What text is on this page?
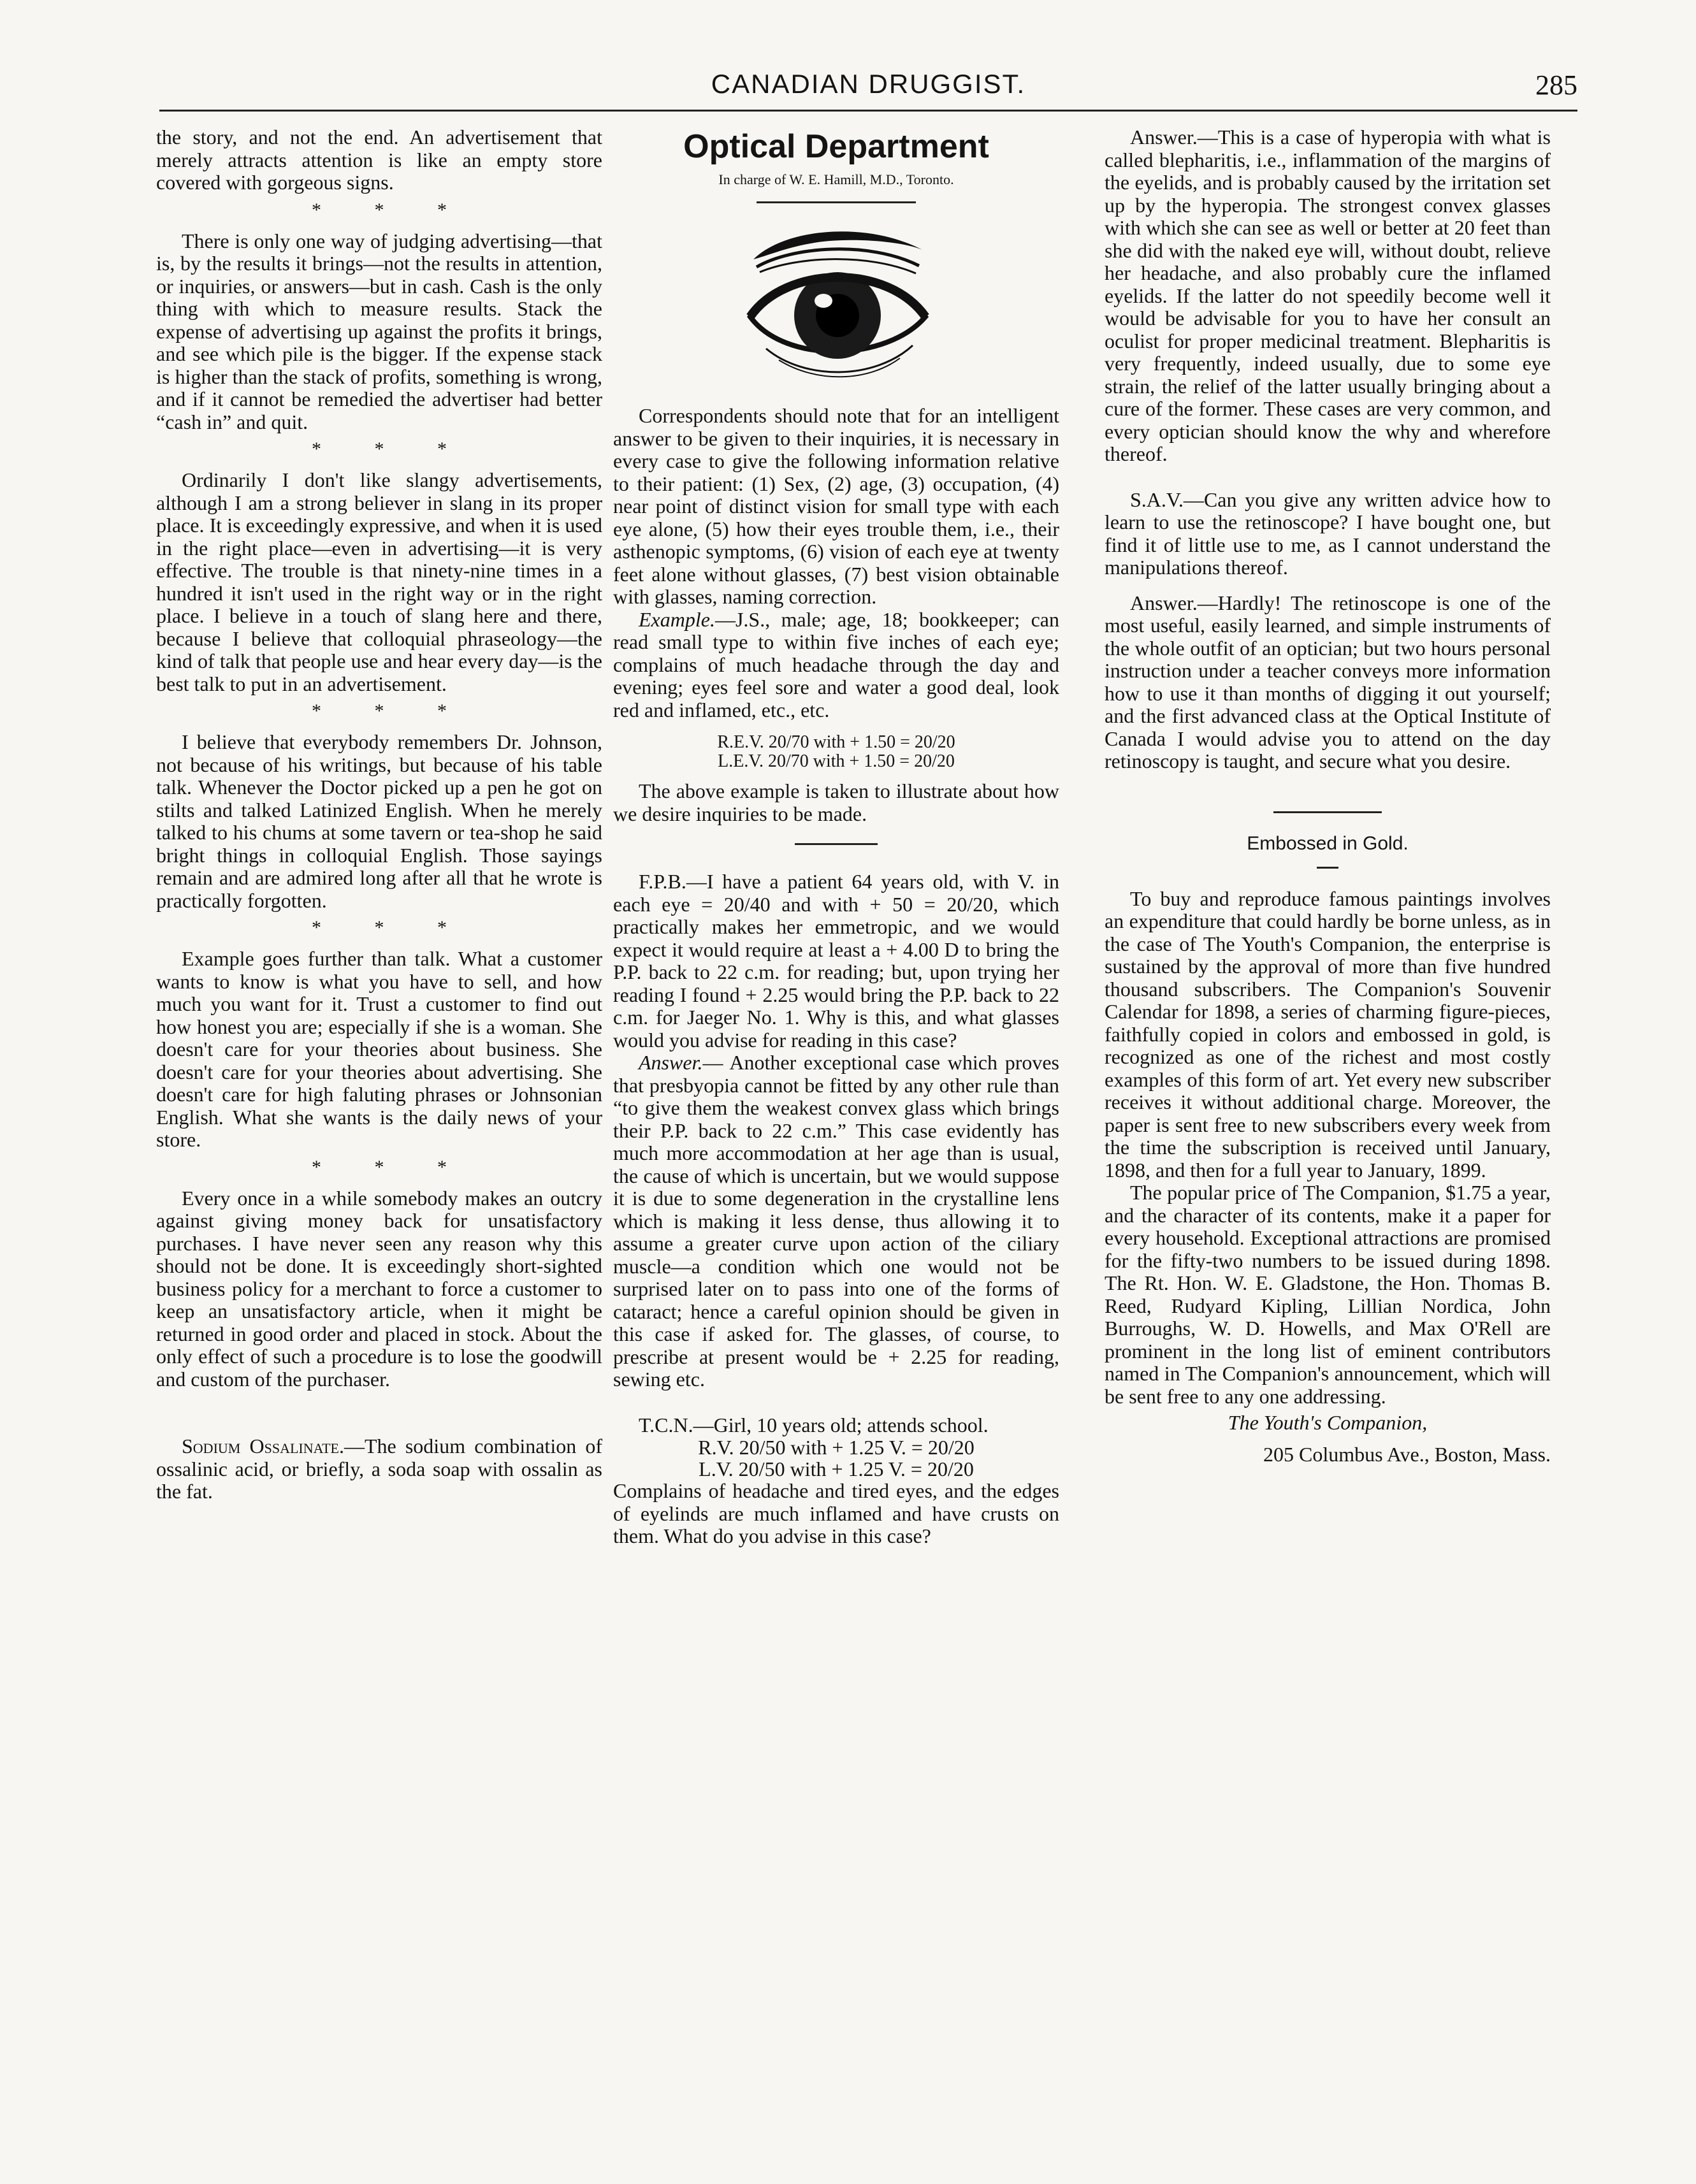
CANADIAN DRUGGIST.	285

the story, and not the end. An advertisement that merely attracts attention is like an empty store covered with gorgeous signs.

* * *

There is only one way of judging advertising—that is, by the results it brings—not the results in attention, or inquiries, or answers—but in cash. Cash is the only thing with which to measure results. Stack the expense of advertising up against the profits it brings, and see which pile is the bigger. If the expense stack is higher than the stack of profits, something is wrong, and if it cannot be remedied the advertiser had better “cash in” and quit.

* * *

Ordinarily I don't like slangy advertisements, although I am a strong believer in slang in its proper place. It is exceedingly expressive, and when it is used in the right place—even in advertising—it is very effective. The trouble is that ninety-nine times in a hundred it isn't used in the right way or in the right place. I believe in a touch of slang here and there, because I believe that colloquial phraseology—the kind of talk that people use and hear every day—is the best talk to put in an advertisement.

* * *

I believe that everybody remembers Dr. Johnson, not because of his writings, but because of his table talk. Whenever the Doctor picked up a pen he got on stilts and talked Latinized English. When he merely talked to his chums at some tavern or tea-shop he said bright things in colloquial English. Those sayings remain and are admired long after all that he wrote is practically forgotten.

* * *

Example goes further than talk. What a customer wants to know is what you have to sell, and how much you want for it. Trust a customer to find out how honest you are; especially if she is a woman. She doesn't care for your theories about business. She doesn't care for your theories about advertising. She doesn't care for high faluting phrases or Johnsonian English. What she wants is the daily news of your store.

* * *

Every once in a while somebody makes an outcry against giving money back for unsatisfactory purchases. I have never seen any reason why this should not be done. It is exceedingly short-sighted business policy for a merchant to force a customer to keep an unsatisfactory article, when it might be returned in good order and placed in stock. About the only effect of such a procedure is to lose the goodwill and custom of the purchaser.

Sodium Ossalinate.—The sodium combination of ossalinic acid, or briefly, a soda soap with ossalin as the fat.

Optical Department
In charge of W. E. Hamill, M.D., Toronto.

Correspondents should note that for an intelligent answer to be given to their inquiries, it is necessary in every case to give the following information relative to their patient: (1) Sex, (2) age, (3) occupation, (4) near point of distinct vision for small type with each eye alone, (5) how their eyes trouble them, i.e., their asthenopic symptoms, (6) vision of each eye at twenty feet alone without glasses, (7) best vision obtainable with glasses, naming correction.

Example.—J.S., male; age, 18; bookkeeper; can read small type to within five inches of each eye; complains of much headache through the day and evening; eyes feel sore and water a good deal, look red and inflamed, etc., etc.

R.E.V. 20/70 with + 1.50 = 20/20
L.E.V. 20/70 with + 1.50 = 20/20

The above example is taken to illustrate about how we desire inquiries to be made.

F.P.B.—I have a patient 64 years old, with V. in each eye = 20/40 and with + 50 = 20/20, which practically makes her emmetropic, and we would expect it would require at least a + 4.00 D to bring the P.P. back to 22 c.m. for reading; but, upon trying her reading I found + 2.25 would bring the P.P. back to 22 c.m. for Jaeger No. 1. Why is this, and what glasses would you advise for reading in this case?

Answer.— Another exceptional case which proves that presbyopia cannot be fitted by any other rule than “to give them the weakest convex glass which brings their P.P. back to 22 c.m.” This case evidently has much more accommodation at her age than is usual, the cause of which is uncertain, but we would suppose it is due to some degeneration in the crystalline lens which is making it less dense, thus allowing it to assume a greater curve upon action of the ciliary muscle—a condition which one would not be surprised later on to pass into one of the forms of cataract; hence a careful opinion should be given in this case if asked for. The glasses, of course, to prescribe at present would be + 2.25 for reading, sewing etc.

T.C.N.—Girl, 10 years old; attends school.

R.V. 20/50 with + 1.25 V. = 20/20
L.V. 20/50 with + 1.25 V. = 20/20

Complains of headache and tired eyes, and the edges of eyelinds are much inflamed and have crusts on them. What do you advise in this case?

Answer.—This is a case of hyperopia with what is called blepharitis, i.e., inflammation of the margins of the eyelids, and is probably caused by the irritation set up by the hyperopia. The strongest convex glasses with which she can see as well or better at 20 feet than she did with the naked eye will, without doubt, relieve her headache, and also probably cure the inflamed eyelids. If the latter do not speedily become well it would be advisable for you to have her consult an oculist for proper medicinal treatment. Blepharitis is very frequently, indeed usually, due to some eye strain, the relief of the latter usually bringing about a cure of the former. These cases are very common, and every optician should know the why and wherefore thereof.

S.A.V.—Can you give any written advice how to learn to use the retinoscope? I have bought one, but find it of little use to me, as I cannot understand the manipulations thereof.

Answer.—Hardly! The retinoscope is one of the most useful, easily learned, and simple instruments of the whole outfit of an optician; but two hours personal instruction under a teacher conveys more information how to use it than months of digging it out yourself; and the first advanced class at the Optical Institute of Canada I would advise you to attend on the day retinoscopy is taught, and secure what you desire.

Embossed in Gold.

To buy and reproduce famous paintings involves an expenditure that could hardly be borne unless, as in the case of The Youth's Companion, the enterprise is sustained by the approval of more than five hundred thousand subscribers. The Companion's Souvenir Calendar for 1898, a series of charming figure-pieces, faithfully copied in colors and embossed in gold, is recognized as one of the richest and most costly examples of this form of art. Yet every new subscriber receives it without additional charge. Moreover, the paper is sent free to new subscribers every week from the time the subscription is received until January, 1898, and then for a full year to January, 1899.

The popular price of The Companion, $1.75 a year, and the character of its contents, make it a paper for every household. Exceptional attractions are promised for the fifty-two numbers to be issued during 1898. The Rt. Hon. W. E. Gladstone, the Hon. Thomas B. Reed, Rudyard Kipling, Lillian Nordica, John Burroughs, W. D. Howells, and Max O'Rell are prominent in the long list of eminent contributors named in The Companion's announcement, which will be sent free to any one addressing.

The Youth's Companion,
205 Columbus Ave., Boston, Mass.
